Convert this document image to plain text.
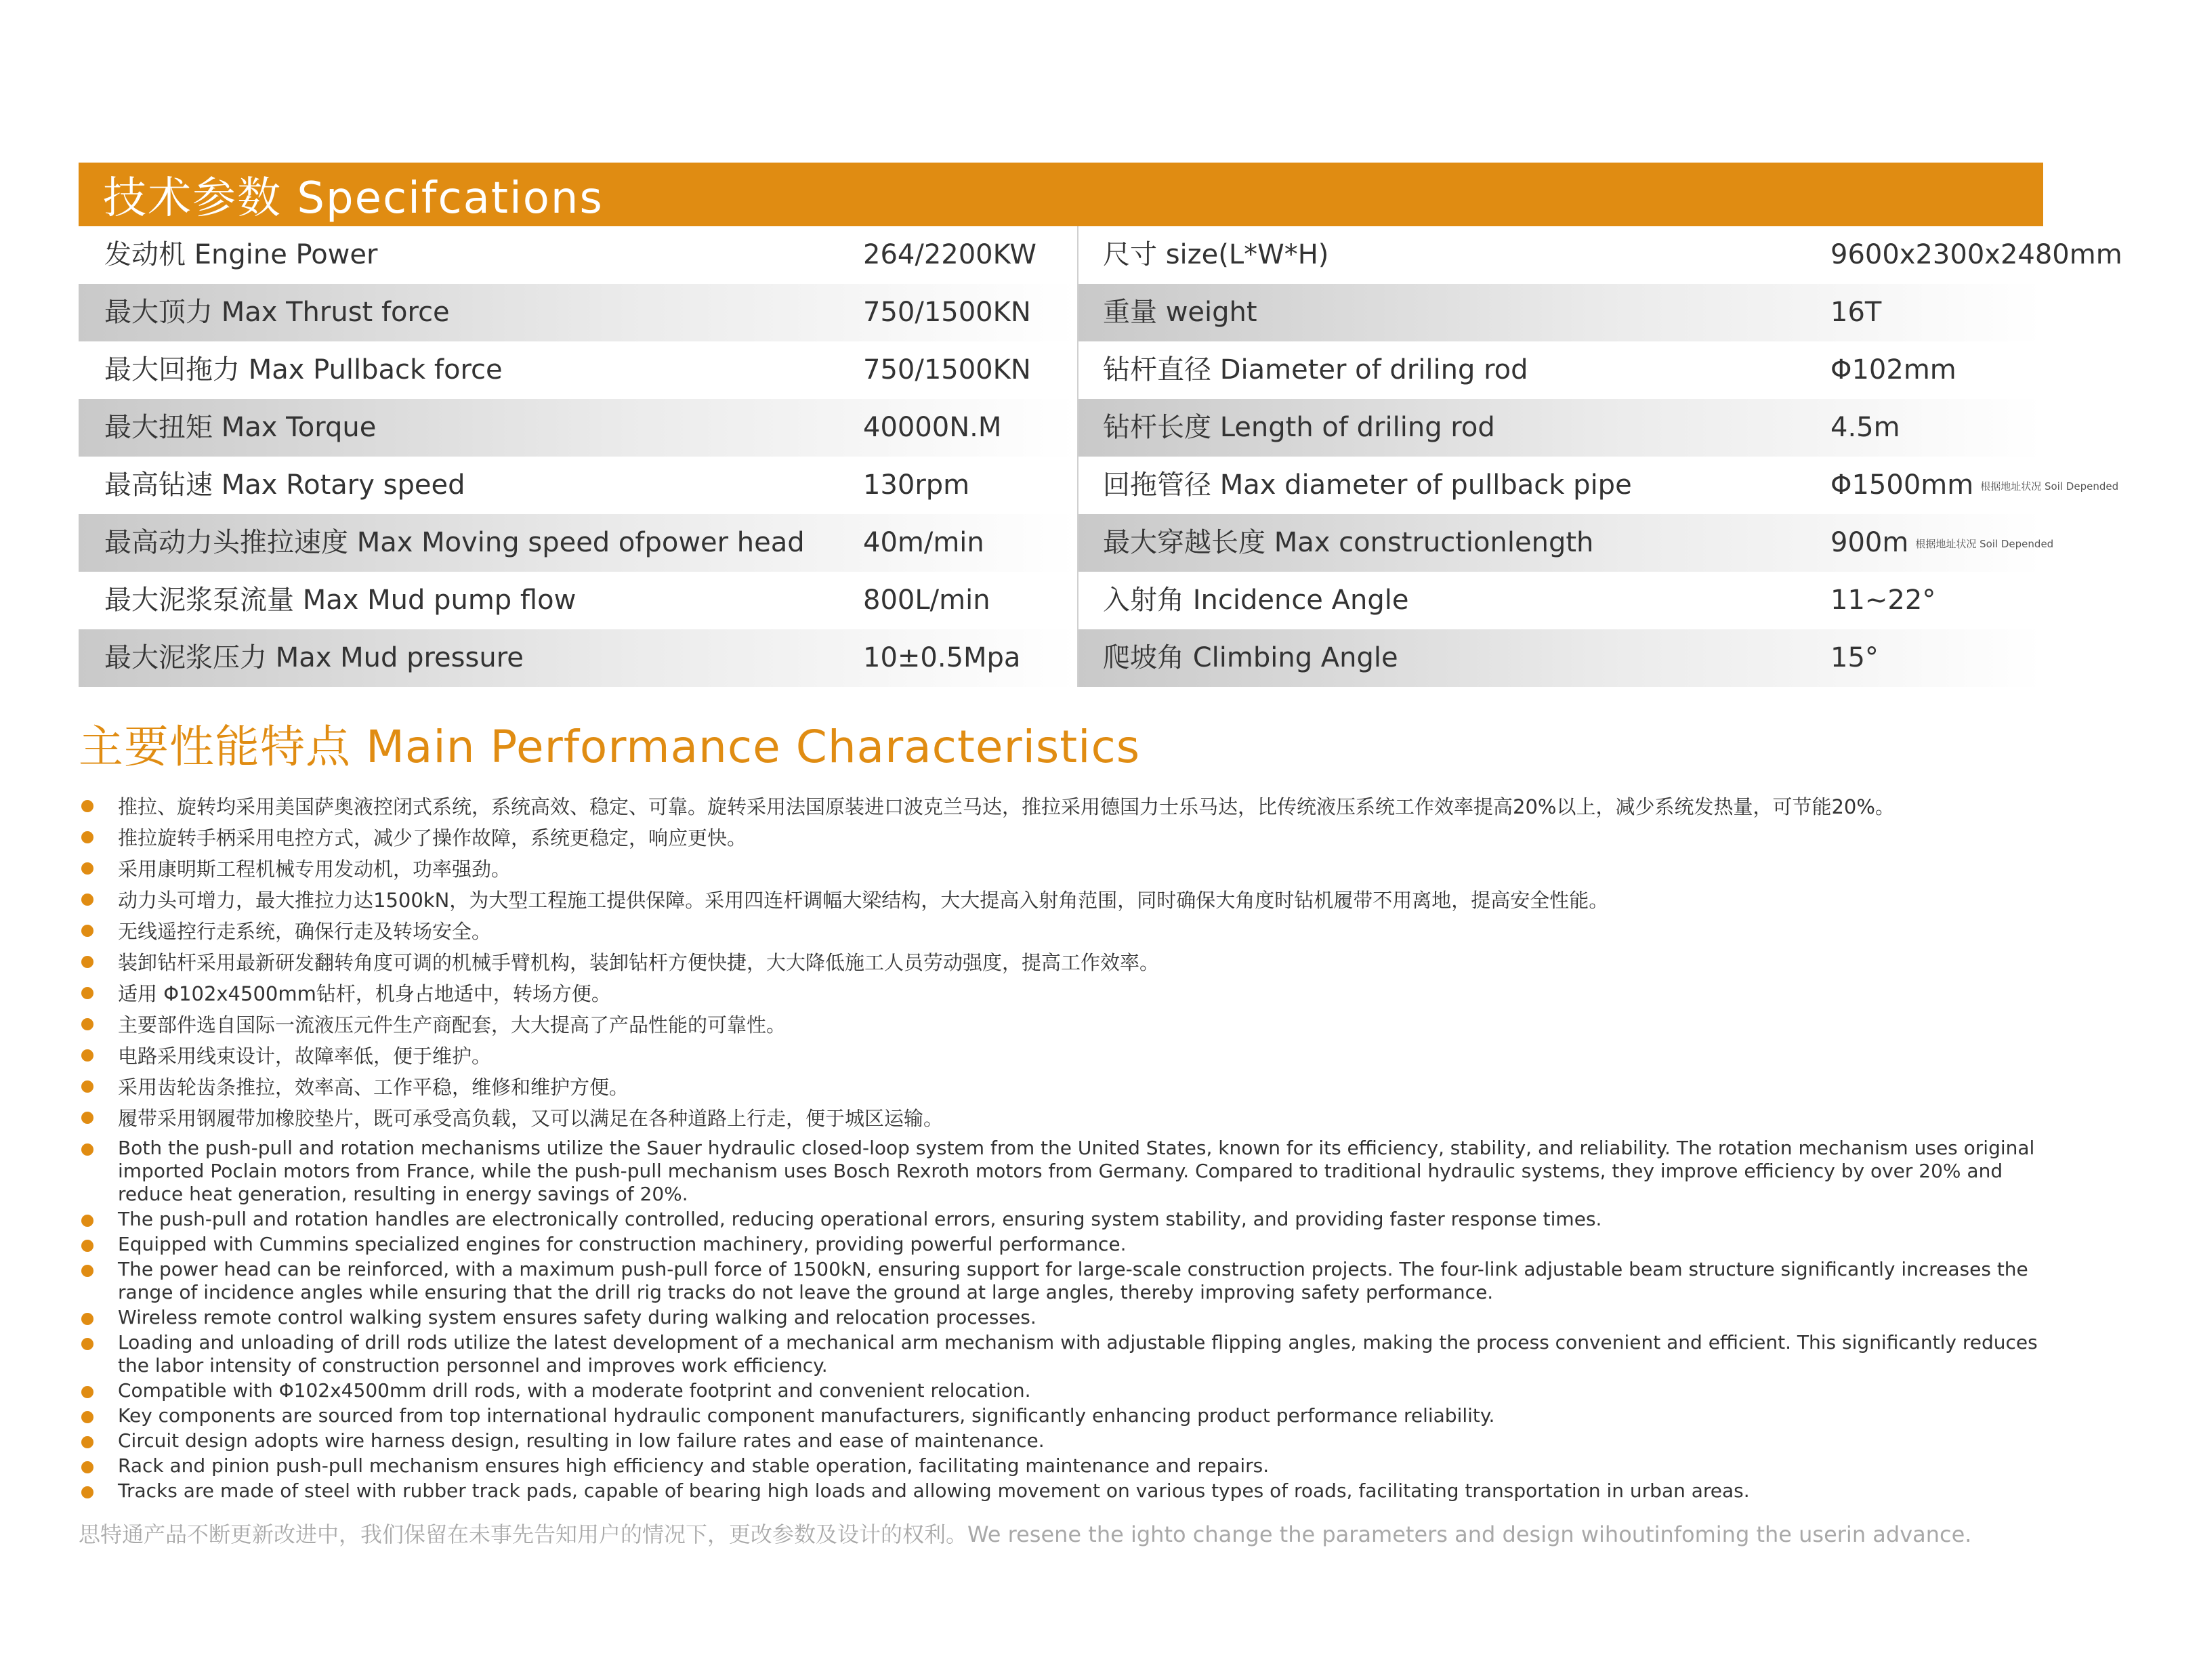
技术参数 Specifcations
发动机 Engine Power	264/2200KW 尺寸 size(L*W*H)	9600x2300x2480mm
最大顶力 Max Thrust force	750/1500KN	重量 weight	16T
最大回拖力 Max Pullback force	750/1500KN	钻杆直径 Diameter of driling rod	Φ102mm
最大扭矩 Max Torque	40000N.M	钻杆长度 Length of driling rod	4.5m
最高钻速 Max Rotary speed	130rpm	回拖管径 Max diameter of pullback pipe	Φ1500mm 根据地址状况 Soil Depended
最高动力头推拉速度 Max Moving speed ofpower head 40m/min	最大穿越长度 Max constructionlength	900m 根据地址状况 Soil Depended
最大泥浆泵流量 Max Mud pump flow	800L/min	入射角 Incidence Angle	11~22°
最大泥浆压力 Max Mud pressure	10±0.5Mpa	爬坡角 Climbing Angle	15°
主要性能特点 Main Performance Characteristics
推拉、旋转均采用美国萨奥液控闭式系统，系统高效、稳定、可靠。旋转采用法国原装进口波克兰马达，推拉采用德国力士乐马达，比传统液压系统工作效率提高20%以上，减少系统发热量，可节能20%。
推拉旋转手柄采用电控方式，减少了操作故障，系统更稳定，响应更快。
采用康明斯工程机械专用发动机，功率强劲。
动力头可增力，最大推拉力达1500kN，为大型工程施工提供保障。采用四连杆调幅大梁结构，大大提高入射角范围，同时确保大角度时钻机履带不用离地，提高安全性能。
无线遥控行走系统，确保行走及转场安全。
装卸钻杆采用最新研发翻转角度可调的机械手臂机构，装卸钻杆方便快捷，大大降低施工人员劳动强度，提高工作效率。
适用 Φ102x4500mm钻杆，机身占地适中，转场方便。
主要部件选自国际一流液压元件生产商配套，大大提高了产品性能的可靠性。
电路采用线束设计，故障率低，便于维护。
采用齿轮齿条推拉，效率高、工作平稳，维修和维护方便。
履带采用钢履带加橡胶垫片，既可承受高负载，又可以满足在各种道路上行走，便于城区运输。
Both the push-pull and rotation mechanisms utilize the Sauer hydraulic closed-loop system from the United States, known for its efficiency, stability, and reliability. The rotation mechanism uses original imported Poclain motors from France, while the push-pull mechanism uses Bosch Rexroth motors from Germany. Compared to traditional hydraulic systems, they improve efficiency by over 20% and reduce heat generation, resulting in energy savings of 20%.
The push-pull and rotation handles are electronically controlled, reducing operational errors, ensuring system stability, and providing faster response times.
Equipped with Cummins specialized engines for construction machinery, providing powerful performance.
The power head can be reinforced, with a maximum push-pull force of 1500kN, ensuring support for large-scale construction projects. The four-link adjustable beam structure significantly increases the range of incidence angles while ensuring that the drill rig tracks do not leave the ground at large angles, thereby improving safety performance.
Wireless remote control walking system ensures safety during walking and relocation processes.
Loading and unloading of drill rods utilize the latest development of a mechanical arm mechanism with adjustable flipping angles, making the process convenient and efficient. This significantly reduces the labor intensity of construction personnel and improves work efficiency.
Compatible with Φ102x4500mm drill rods, with a moderate footprint and convenient relocation.
Key components are sourced from top international hydraulic component manufacturers, significantly enhancing product performance reliability.
Circuit design adopts wire harness design, resulting in low failure rates and ease of maintenance.
Rack and pinion push-pull mechanism ensures high efficiency and stable operation, facilitating maintenance and repairs.
Tracks are made of steel with rubber track pads, capable of bearing high loads and allowing movement on various types of roads, facilitating transportation in urban areas.
思特通产品不断更新改进中，我们保留在未事先告知用户的情况下，更改参数及设计的权利。We resene the ighto change the parameters and design wihoutinfoming the userin advance.
